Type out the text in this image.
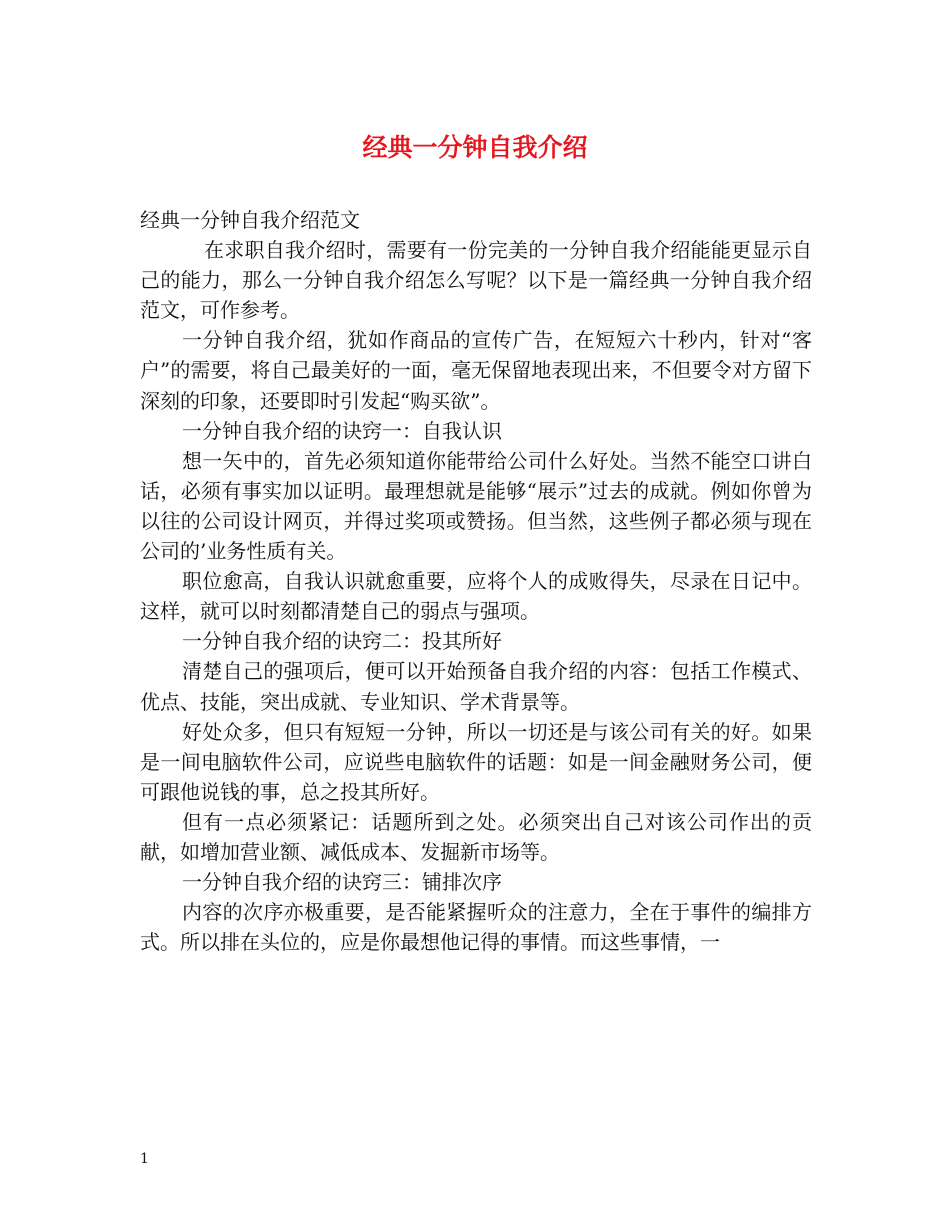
经典一分钟自我介绍

经典一分钟自我介绍范文

在求职自我介绍时，需要有一份完美的一分钟自我介绍能能更显示自己的能力，那么一分钟自我介绍怎么写呢？以下是一篇经典一分钟自我介绍范文，可作参考。

一分钟自我介绍，犹如作商品的宣传广告，在短短六十秒内，针对“客户”的需要，将自己最美好的一面，毫无保留地表现出来，不但要令对方留下深刻的印象，还要即时引发起“购买欲”。

一分钟自我介绍的诀窍一：自我认识

想一矢中的，首先必须知道你能带给公司什么好处。当然不能空口讲白话，必须有事实加以证明。最理想就是能够“展示”过去的成就。例如你曾为以往的公司设计网页，并得过奖项或赞扬。但当然，这些例子都必须与现在公司的’业务性质有关。

职位愈高，自我认识就愈重要，应将个人的成败得失，尽录在日记中。这样，就可以时刻都清楚自己的弱点与强项。

一分钟自我介绍的诀窍二：投其所好

清楚自己的强项后，便可以开始预备自我介绍的内容：包括工作模式、优点、技能，突出成就、专业知识、学术背景等。

好处众多，但只有短短一分钟，所以一切还是与该公司有关的好。如果是一间电脑软件公司，应说些电脑软件的话题：如是一间金融财务公司，便可跟他说钱的事，总之投其所好。

但有一点必须紧记：话题所到之处。必须突出自己对该公司作出的贡献，如增加营业额、减低成本、发掘新市场等。

一分钟自我介绍的诀窍三：铺排次序

内容的次序亦极重要，是否能紧握听众的注意力，全在于事件的编排方式。所以排在头位的，应是你最想他记得的事情。而这些事情，一

1
